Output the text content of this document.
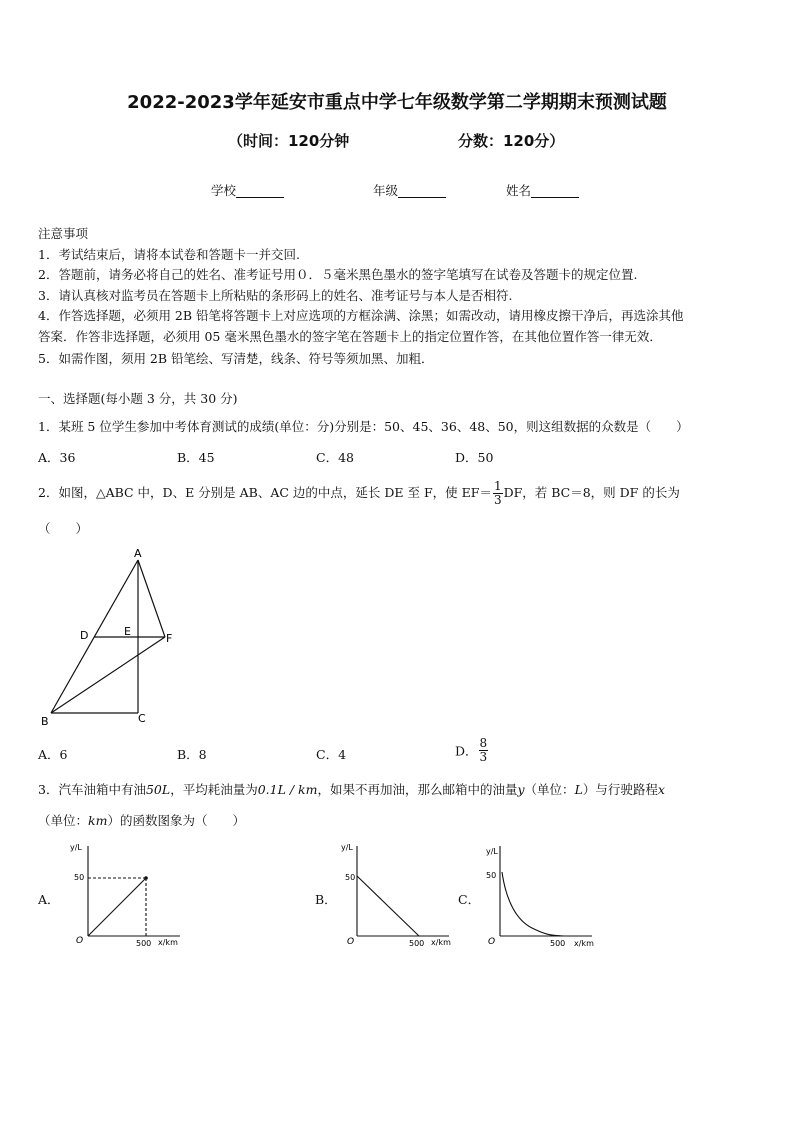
2022-2023学年延安市重点中学七年级数学第二学期期末预测试题
（时间：120分钟	分数：120分）
学校	年级	姓名
注意事项
1．考试结束后，请将本试卷和答题卡一并交回.
2．答题前，请务必将自己的姓名、准考证号用０．５毫米黑色墨水的签字笔填写在试卷及答题卡的规定位置.
3．请认真核对监考员在答题卡上所粘贴的条形码上的姓名、准考证号与本人是否相符.
4．作答选择题，必须用 2B 铅笔将答题卡上对应选项的方框涂满、涂黑；如需改动，请用橡皮擦干净后，再选涂其他
答案．作答非选择题，必须用 05 毫米黑色墨水的签字笔在答题卡上的指定位置作答，在其他位置作答一律无效．
5．如需作图，须用 2B 铅笔绘、写清楚，线条、符号等须加黑、加粗．
一、选择题(每小题 3 分，共 30 分)
1．某班 5 位学生参加中考体育测试的成绩(单位：分)分别是：50、45、36、48、50，则这组数据的众数是（　　）
A．36	B．45	C．48	D．50
2．如图，△ABC 中，D、E 分别是 AB、AC 边的中点，延长 DE 至 F，使 $EF= \frac{1}{3}$ DF，若 BC＝8，则 DF 的长为
（　　）
A
B	C
D	E
F
A．6	B．8	C．4	D． $\frac{8}{3}$
3．汽车油箱中有油50L，平均耗油量为0.1L / km，如果不再加油，那么邮箱中的油量y（单位：L）与行驶路程x
（单位：km）的函数图象为（　　）
A．
y/L
x/km
O
50
500
B．
y/L
x/km
O
50
500
C．
y/L
x/km
O
50
500
